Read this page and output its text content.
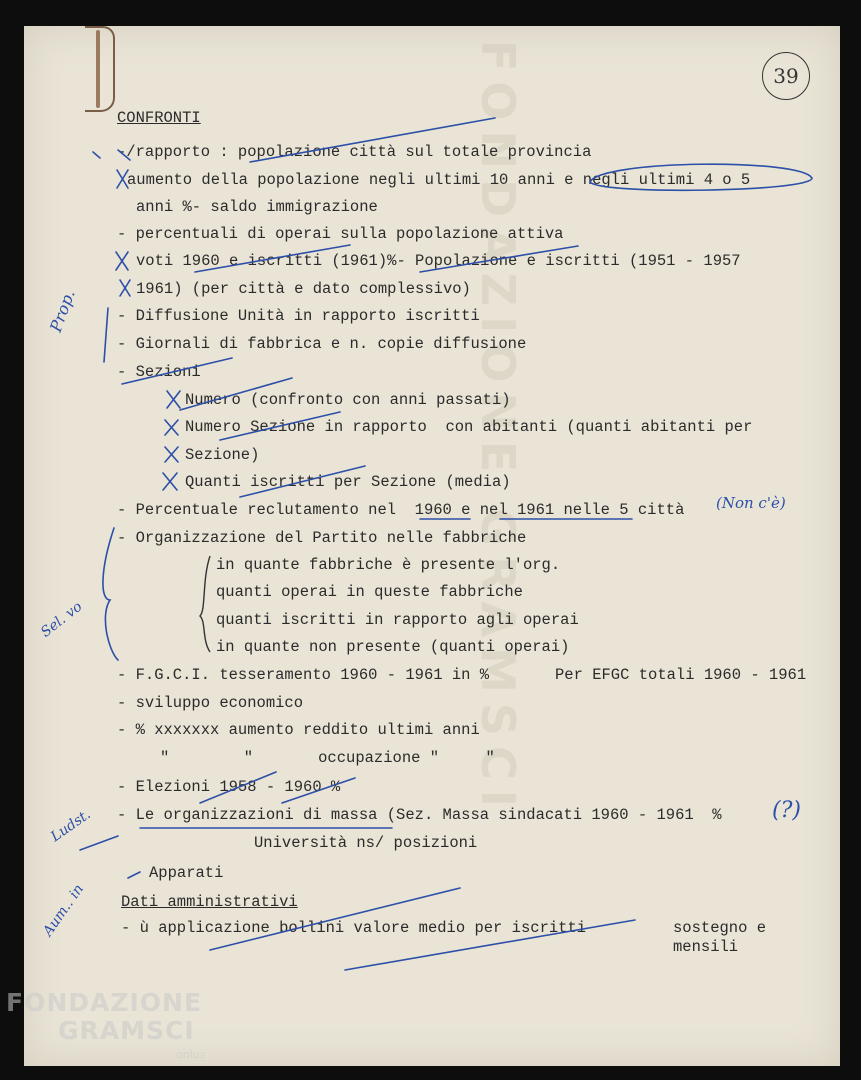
39
CONFRONTI
-/rapporto : popolazione città sul totale provincia
aumento della popolazione negli ultimi 10 anni e negli ultimi 4 o 5
anni %- saldo immigrazione
- percentuali di operai sulla popolazione attiva
voti 1960 e iscritti (1961)%- Popolazione e iscritti (1951 - 1957
1961) (per città e dato complessivo)
- Diffusione Unità in rapporto iscritti
- Giornali di fabbrica e n. copie diffusione
- Sezioni
Numero (confronto con anni passati)
Numero Sezione in rapporto  con abitanti (quanti abitanti per
Sezione)
Quanti iscritti per Sezione (media)
- Percentuale reclutamento nel  1960 e nel 1961 nelle 5 città
- Organizzazione del Partito nelle fabbriche
in quante fabbriche è presente l'org.
quanti operai in queste fabbriche
quanti iscritti in rapporto agli operai
in quante non presente (quanti operai)
- F.G.C.I. tesseramento 1960 - 1961 in %	Per EFGC totali 1960 - 1961
- sviluppo economico
- % xxxxxxx aumento reddito ultimi anni
"        "       occupazione "     "
- Elezioni 1958 - 1960 %
- Le organizzazioni di massa (Sez. Massa sindacati 1960 - 1961  %
Università ns/ posizioni
Apparati
Dati amministrativi
- ù applicazione bollini valore medio per iscritti	sostegno e
mensili
Prop.
(Non c'è)
Sel. vo
(?)
Ludst.
Aum.. in
FONDAZIONE
GRAMSCI
onlus
